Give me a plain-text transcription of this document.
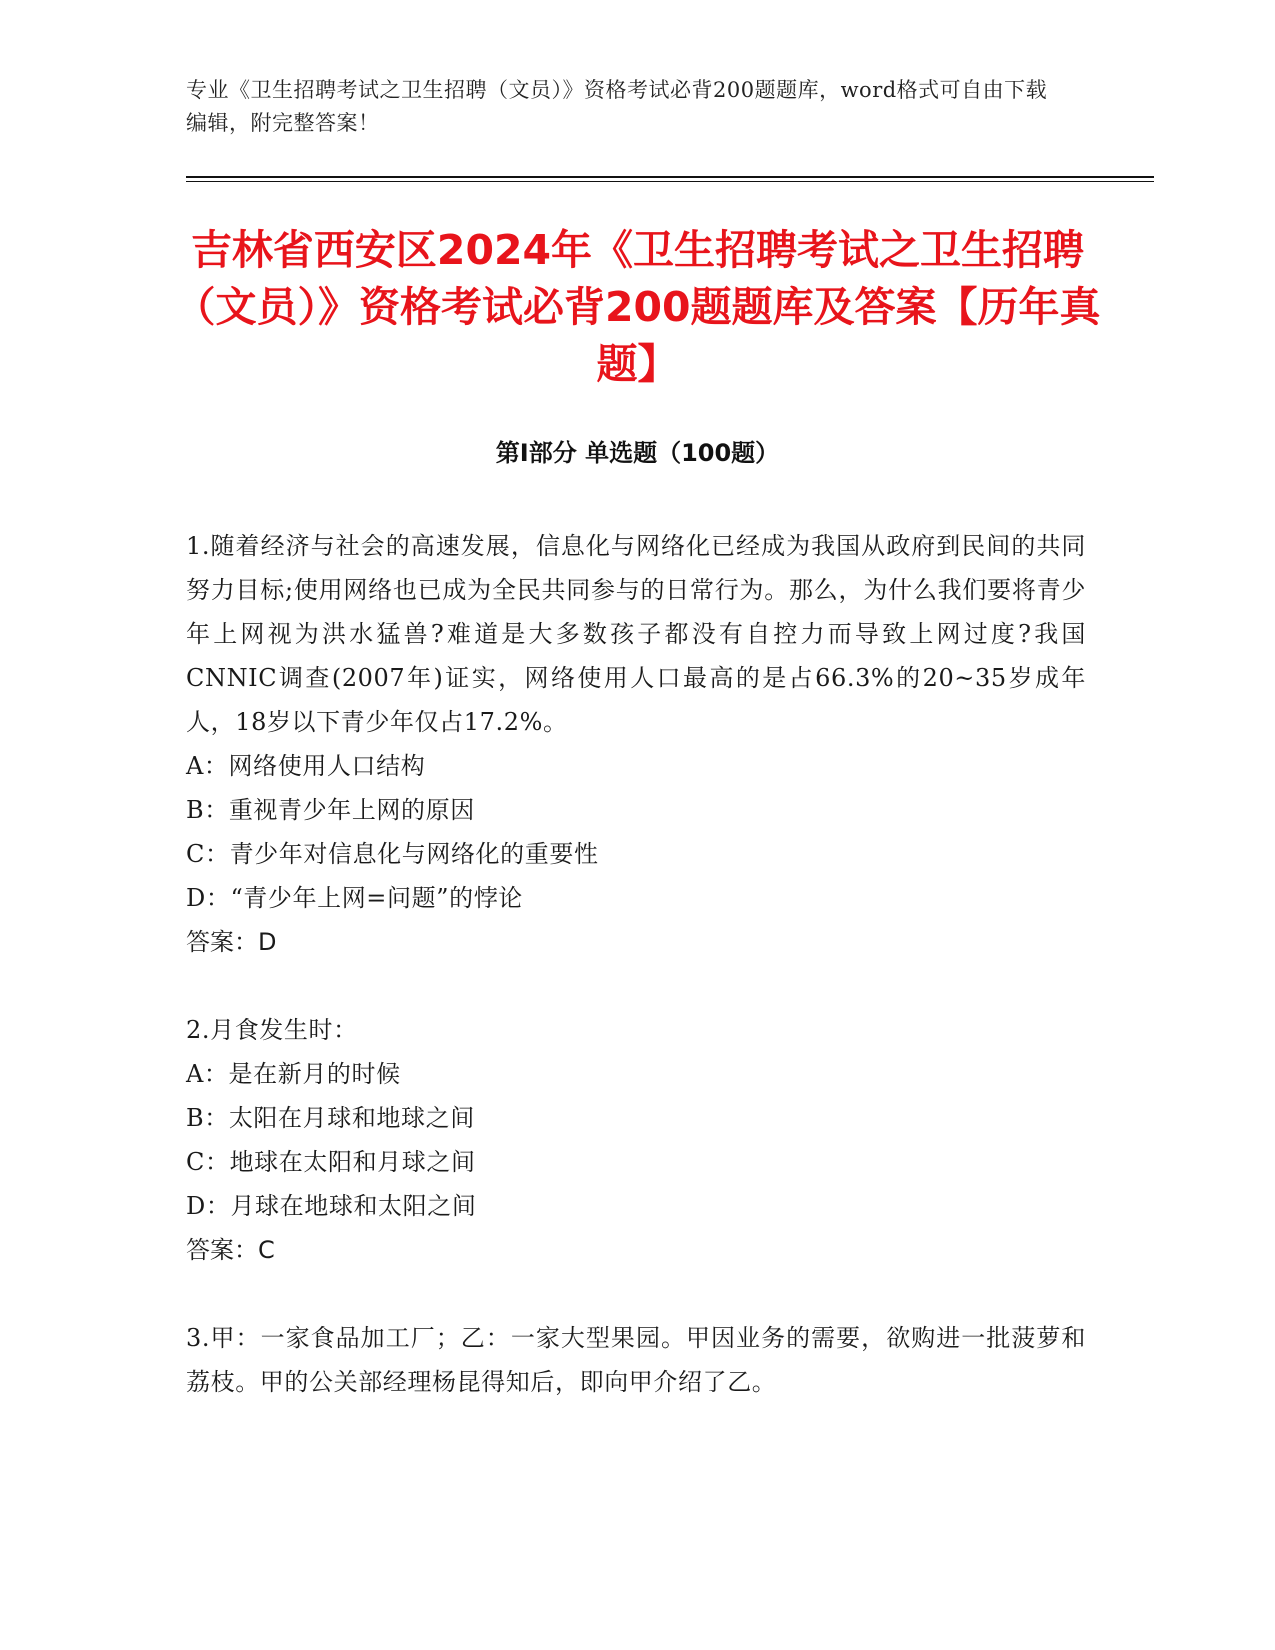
专业《卫生招聘考试之卫生招聘（文员）》资格考试必背200题题库，word格式可自由下载编辑，附完整答案！
吉林省西安区2024年《卫生招聘考试之卫生招聘（文员）》资格考试必背200题题库及答案【历年真题】
第Ⅰ部分 单选题（100题）

1.随着经济与社会的高速发展，信息化与网络化已经成为我国从政府到民间的共同努力目标;使用网络也已成为全民共同参与的日常行为。那么，为什么我们要将青少年上网视为洪水猛兽?难道是大多数孩子都没有自控力而导致上网过度?我国CNNIC调查(2007年)证实，网络使用人口最高的是占66.3%的20~35岁成年人，18岁以下青少年仅占17.2%。

A：网络使用人口结构

B：重视青少年上网的原因

C：青少年对信息化与网络化的重要性

D：“青少年上网=问题”的悖论

答案：D

2.月食发生时：

A：是在新月的时候

B：太阳在月球和地球之间

C：地球在太阳和月球之间

D：月球在地球和太阳之间

答案：C

3.甲：一家食品加工厂；乙：一家大型果园。甲因业务的需要，欲购进一批菠萝和荔枝。甲的公关部经理杨昆得知后，即向甲介绍了乙。
